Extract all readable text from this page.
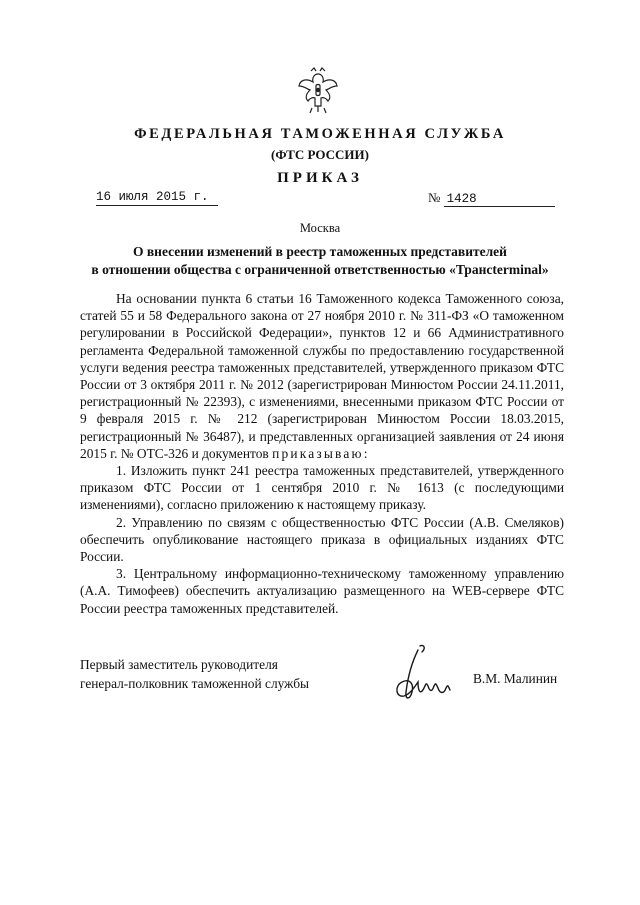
ФЕДЕРАЛЬНАЯ ТАМОЖЕННАЯ СЛУЖБА
(ФТС РОССИИ)
ПРИКАЗ
16 июля 2015 г.	№ 1428
Москва
О внесении изменений в реестр таможенных представителей
в отношении общества с ограниченной ответственностью «Трансterminal»

На основании пункта 6 статьи 16 Таможенного кодекса Таможенного союза, статей 55 и 58 Федерального закона от 27 ноября 2010 г. № 311-ФЗ «О таможенном регулировании в Российской Федерации», пунктов 12 и 66 Административного регламента Федеральной таможенной службы по предоставлению государственной услуги ведения реестра таможенных представителей, утвержденного приказом ФТС России от 3 октября 2011 г. № 2012 (зарегистрирован Минюстом России 24.11.2011, регистрационный № 22393), с изменениями, внесенными приказом ФТС России от 9 февраля 2015 г. № 212 (зарегистрирован Минюстом России 18.03.2015, регистрационный № 36487), и представленных организацией заявления от 24 июня 2015 г. № ОТС-326 и документов приказываю:

1. Изложить пункт 241 реестра таможенных представителей, утвержденного приказом ФТС России от 1 сентября 2010 г. № 1613 (с последующими изменениями), согласно приложению к настоящему приказу.

2. Управлению по связям с общественностью ФТС России (А.В. Смеляков) обеспечить опубликование настоящего приказа в официальных изданиях ФТС России.

3. Центральному информационно-техническому таможенному управлению (А.А. Тимофеев) обеспечить актуализацию размещенного на WEB-сервере ФТС России реестра таможенных представителей.

Первый заместитель руководителя
генерал-полковник таможенной службы	В.М. Малинин
